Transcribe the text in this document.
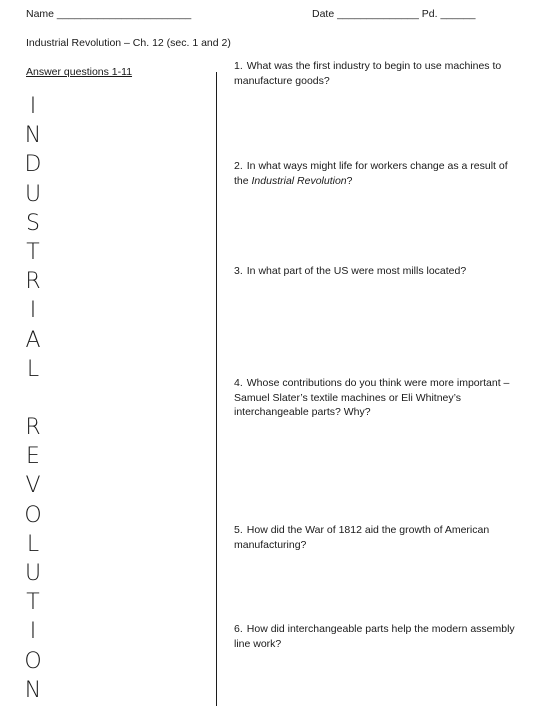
Name _______________________	Date ______________ Pd. ______
Industrial Revolution – Ch. 12 (sec. 1 and 2)
Answer questions 1-11
I
N
D
U
S
T
R
I
A
L
R
E
V
O
L
U
T
I
O
N
1. What was the first industry to begin to use machines to manufacture goods?
2. In what ways might life for workers change as a result of the Industrial Revolution?
3. In what part of the US were most mills located?
4. Whose contributions do you think were more important – Samuel Slater’s textile machines or Eli Whitney’s interchangeable parts? Why?
5. How did the War of 1812 aid the growth of American manufacturing?
6. How did interchangeable parts help the modern assembly line work?
